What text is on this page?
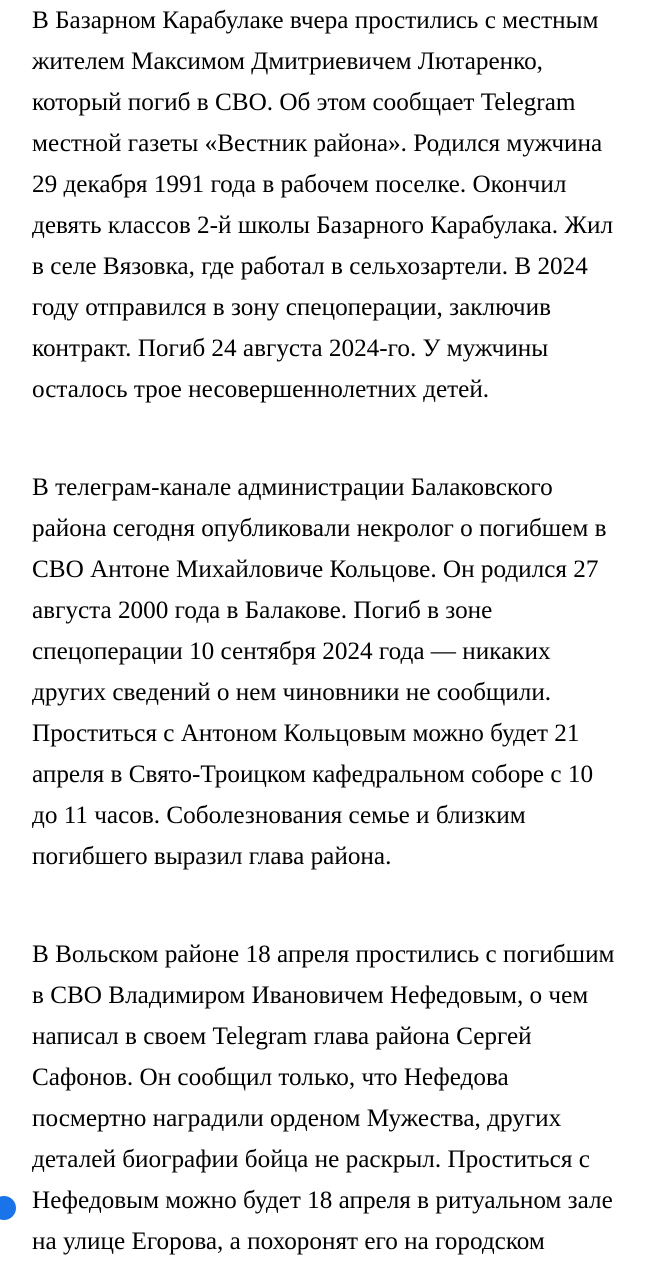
В Базарном Карабулаке вчера простились с местным
жителем Максимом Дмитриевичем Лютаренко,
который погиб в СВО. Об этом сообщает Telegram
местной газеты «Вестник района». Родился мужчина
29 декабря 1991 года в рабочем поселке. Окончил
девять классов 2-й школы Базарного Карабулака. Жил
в селе Вязовка, где работал в сельхозартели. В 2024
году отправился в зону спецоперации, заключив
контракт. Погиб 24 августа 2024-го. У мужчины
осталось трое несовершеннолетних детей.

В телеграм-канале администрации Балаковского
района сегодня опубликовали некролог о погибшем в
СВО Антоне Михайловиче Кольцове. Он родился 27
августа 2000 года в Балакове. Погиб в зоне
спецоперации 10 сентября 2024 года — никаких
других сведений о нем чиновники не сообщили.
Проститься с Антоном Кольцовым можно будет 21
апреля в Свято-Троицком кафедральном соборе с 10
до 11 часов. Соболезнования семье и близким
погибшего выразил глава района.

В Вольском районе 18 апреля простились с погибшим
в СВО Владимиром Ивановичем Нефедовым, о чем
написал в своем Telegram глава района Сергей
Сафонов. Он сообщил только, что Нефедова
посмертно наградили орденом Мужества, других
деталей биографии бойца не раскрыл. Проститься с
Нефедовым можно будет 18 апреля в ритуальном зале
на улице Егорова, а похоронят его на городском
